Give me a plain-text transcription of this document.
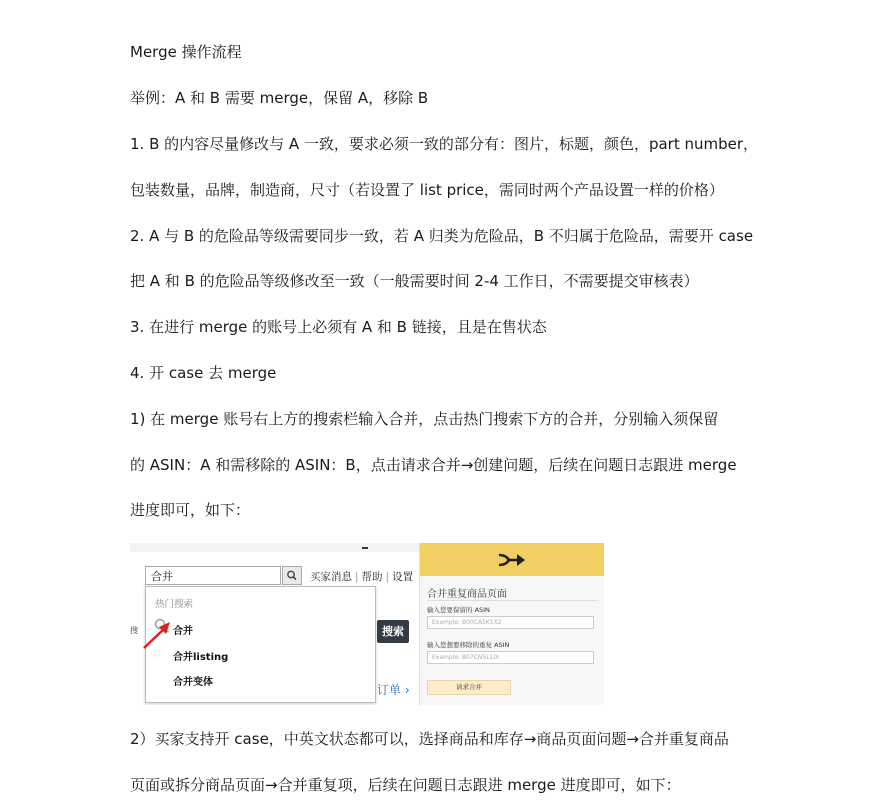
Merge 操作流程
举例：A 和 B 需要 merge，保留 A，移除 B
1. B 的内容尽量修改与 A 一致，要求必须一致的部分有：图片，标题，颜色，part number，
包装数量，品牌，制造商，尺寸（若设置了 list price，需同时两个产品设置一样的价格）
2. A 与 B 的危险品等级需要同步一致，若 A 归类为危险品，B 不归属于危险品，需要开 case
把 A 和 B 的危险品等级修改至一致（一般需要时间 2-4 工作日，不需要提交审核表）
3. 在进行 merge 的账号上必须有 A 和 B 链接，且是在售状态
4. 开 case 去 merge
1) 在 merge 账号右上方的搜索栏输入合并，点击热门搜索下方的合并，分别输入须保留
的 ASIN：A 和需移除的 ASIN：B，点击请求合并→创建问题，后续在问题日志跟进 merge
进度即可，如下：
2）买家支持开 case，中英文状态都可以，选择商品和库存→商品页面问题→合并重复商品
页面或拆分商品页面→合并重复项，后续在问题日志跟进 merge 进度即可，如下：
合并	买家消息 | 帮助 | 设置
搜
热门搜索
合并
合并listing
合并变体
搜索
订单 ›
合并重复商品页面
输入您要保留的 ASIN
Example: B00CA5K1X2
输入您想要移除的重复 ASIN
Example: B07CN5L10I
请求合并
